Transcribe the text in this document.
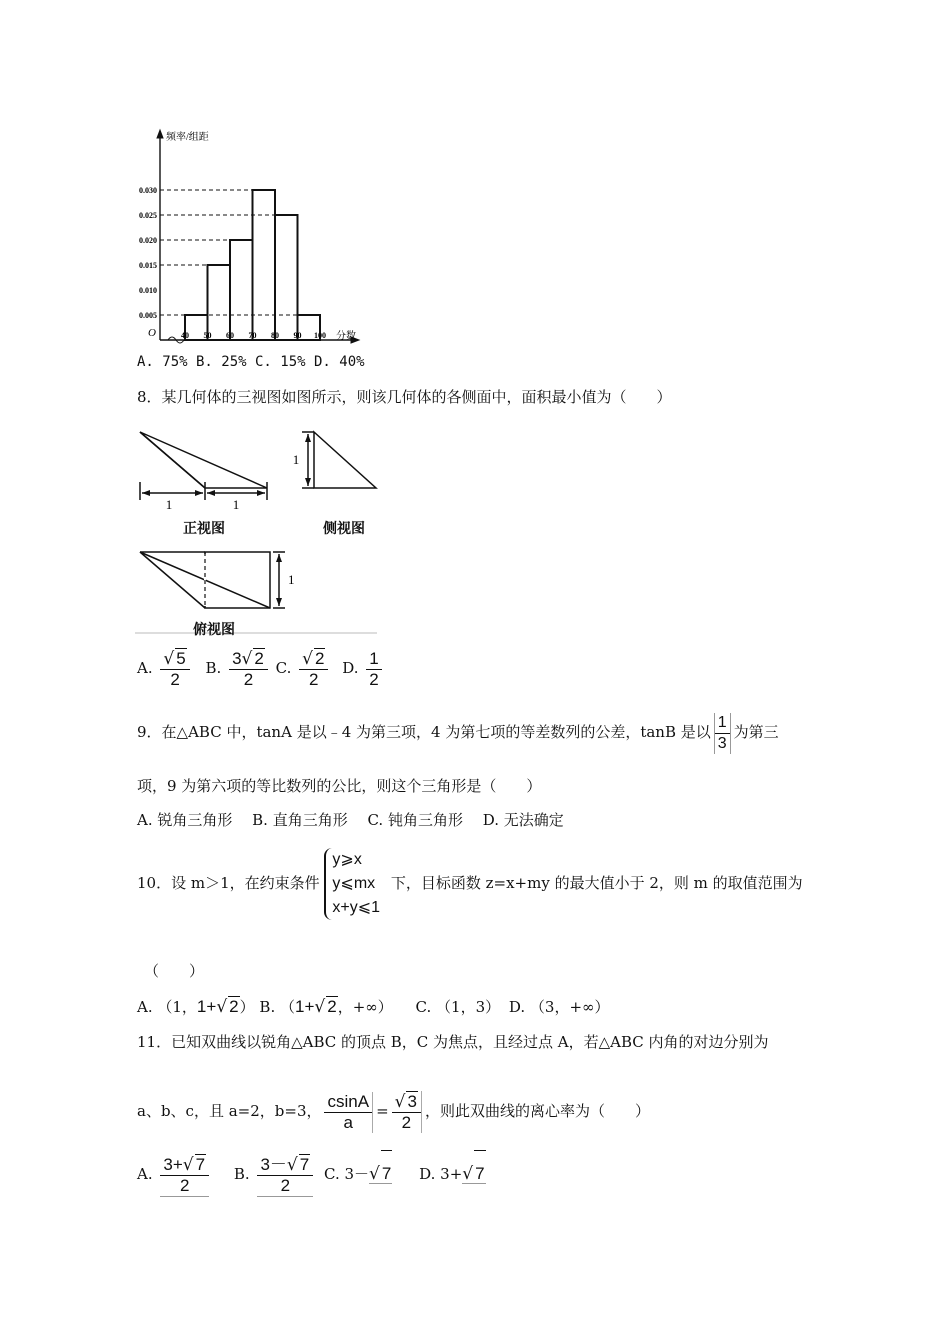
0.005
0.010
0.015
0.020
0.025
0.030
40 50 60 70 80 90 100
O
频率/组距
分数
A. 75% B. 25% C. 15% D. 40%
8．某几何体的三视图如图所示，则该几何体的各侧面中，面积最小值为（　　）
1	1
正视图
1
侧视图
1
俯视图
A. $\frac{√ 5}{2} B$. $\frac{3√ 2}{2} C$. $\frac{√ 2}{2} D$. $\frac{1}{2}$
9．在△ABC 中，tanA 是以﹣4 为第三项，4 为第七项的等差数列的公差，tanB 是以 $\frac{1}{3}$ 为第三
项，9 为第六项的等比数列的公比，则这个三角形是（　　）
A. 锐角三角形　 B. 直角三角形　 C. 钝角三角形　 D. 无法确定
10．设 m＞1，在约束条件
y⩾x
y⩽mx
x+y⩽1
下，目标函数 z=x+my 的最大值小于 2，则 m 的取值范围为
（　　）
A. （1，1+√ 2） B. （1+√ 2，+∞） C. （1，3） D. （3，+∞）
11．已知双曲线以锐角△ABC 的顶点 B，C 为焦点，且经过点 A，若△ABC 内角的对边分别为
a、b、c，且 a=2，b=3， $\frac{csinA}{a} = \frac{√ 3}{2}$ ，则此双曲线的离心率为（　　）
A. $\frac{3+√ 7}{2} B$. $\frac{3-√ 7}{2} C$. 3－√ 7 D. 3+√ 7
